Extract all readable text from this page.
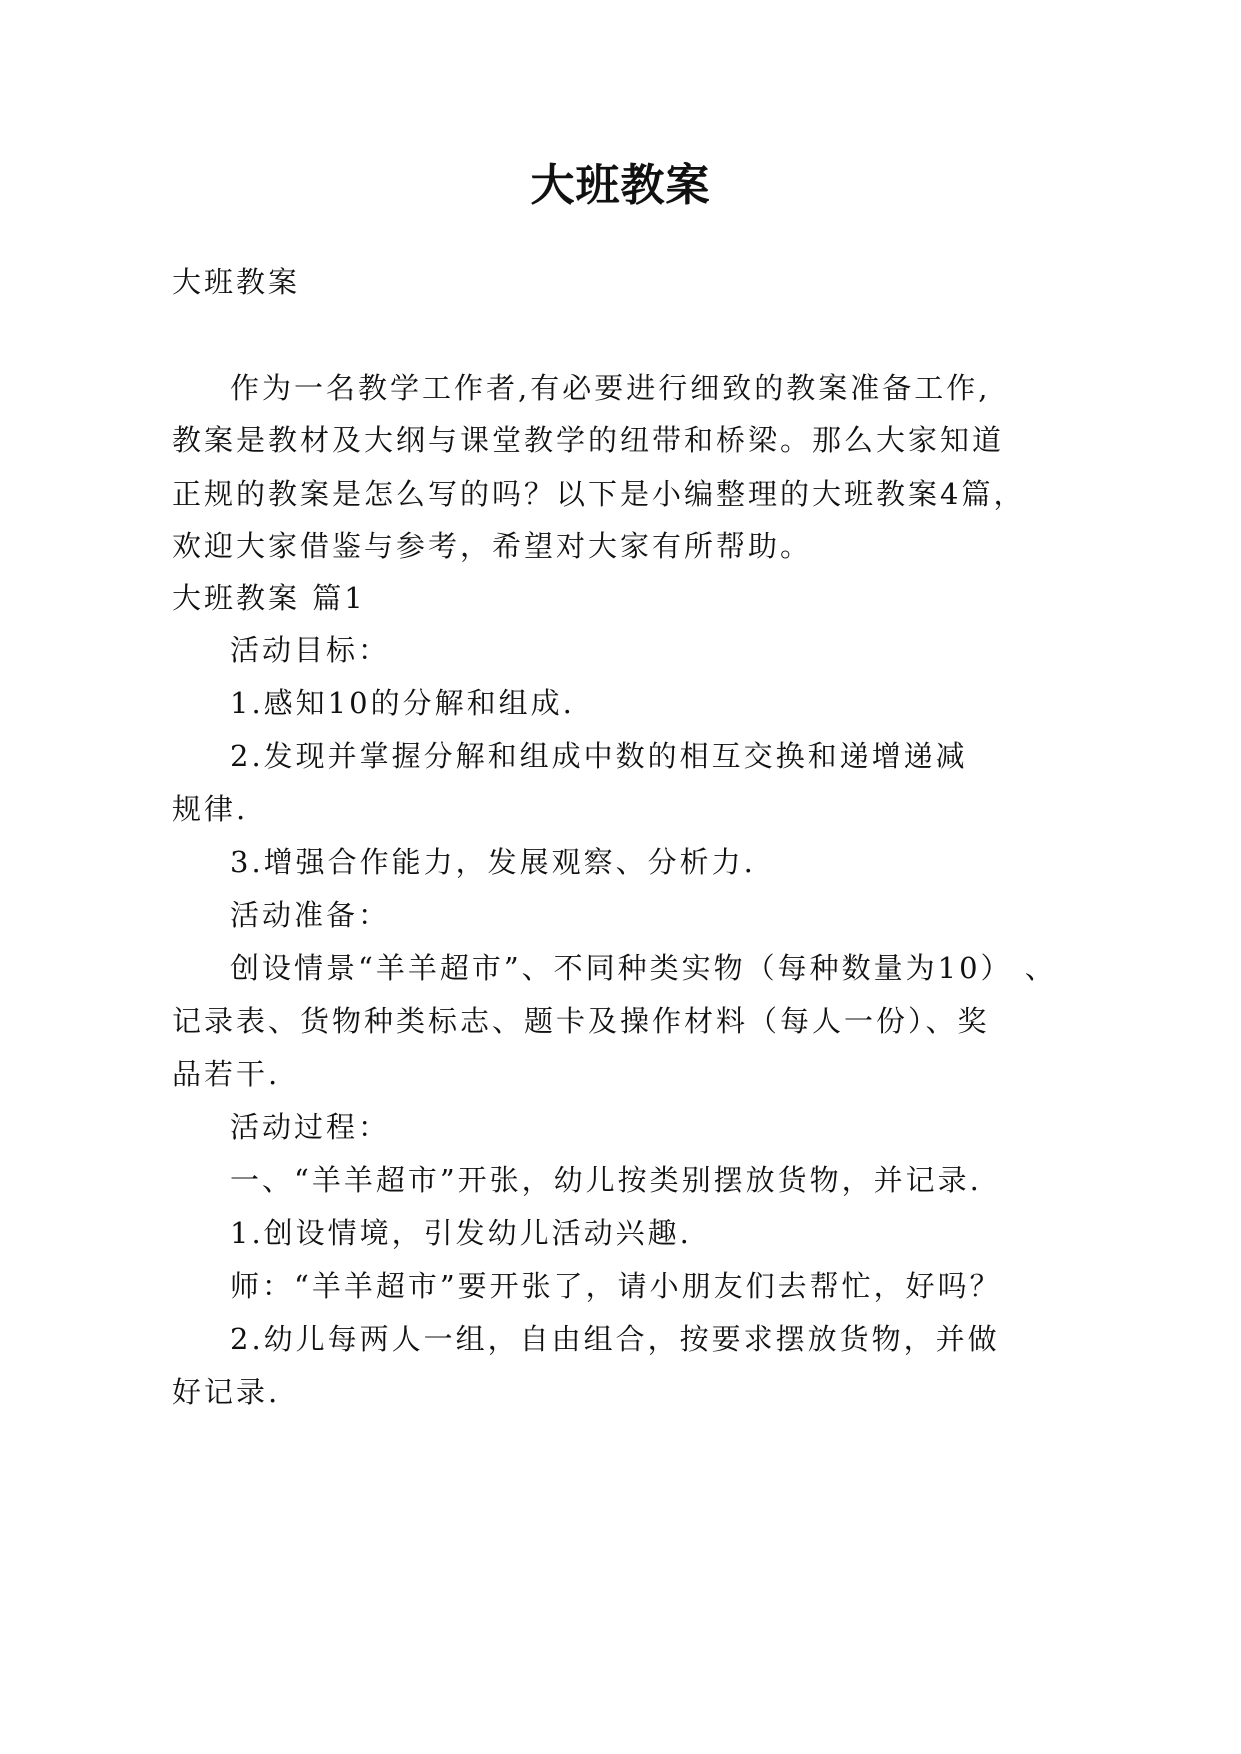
大班教案
大班教案
作为一名教学工作者,有必要进行细致的教案准备工作,
教案是教材及大纲与课堂教学的纽带和桥梁。那么大家知道
正规的教案是怎么写的吗？以下是小编整理的大班教案4篇，
欢迎大家借鉴与参考，希望对大家有所帮助。
大班教案 篇1
活动目标：
1.感知10的分解和组成.
2.发现并掌握分解和组成中数的相互交换和递增递减
规律.
3.增强合作能力，发展观察、分析力.
活动准备：
创设情景“羊羊超市”、不同种类实物（每种数量为10） 、
记录表、货物种类标志、题卡及操作材料（每人一份）、奖
品若干.
活动过程：
一、“羊羊超市”开张，幼儿按类别摆放货物，并记录.
1.创设情境，引发幼儿活动兴趣.
师：“羊羊超市”要开张了，请小朋友们去帮忙，好吗？
2.幼儿每两人一组，自由组合，按要求摆放货物，并做
好记录.
